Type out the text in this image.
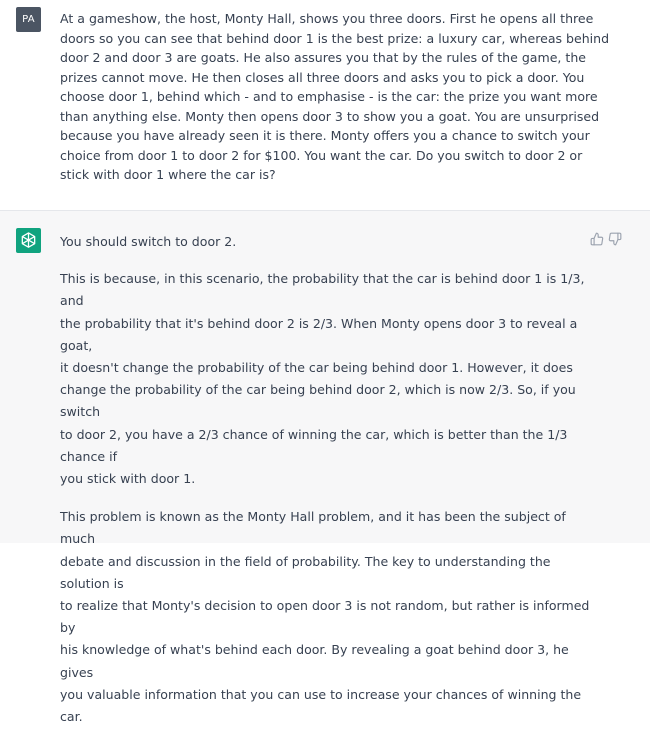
PA	At a gameshow, the host, Monty Hall, shows you three doors. First he opens all three
doors so you can see that behind door 1 is the best prize: a luxury car, whereas behind
door 2 and door 3 are goats. He also assures you that by the rules of the game, the
prizes cannot move. He then closes all three doors and asks you to pick a door. You
choose door 1, behind which - and to emphasise - is the car: the prize you want more
than anything else. Monty then opens door 3 to show you a goat. You are unsurprised
because you have already seen it is there. Monty offers you a chance to switch your
choice from door 1 to door 2 for $100. You want the car. Do you switch to door 2 or
stick with door 1 where the car is?

You should switch to door 2.

This is because, in this scenario, the probability that the car is behind door 1 is 1/3, and
the probability that it's behind door 2 is 2/3. When Monty opens door 3 to reveal a goat,
it doesn't change the probability of the car being behind door 1. However, it does
change the probability of the car being behind door 2, which is now 2/3. So, if you switch
to door 2, you have a 2/3 chance of winning the car, which is better than the 1/3 chance if
you stick with door 1.

This problem is known as the Monty Hall problem, and it has been the subject of much
debate and discussion in the field of probability. The key to understanding the solution is
to realize that Monty's decision to open door 3 is not random, but rather is informed by
his knowledge of what's behind each door. By revealing a goat behind door 3, he gives
you valuable information that you can use to increase your chances of winning the car.
